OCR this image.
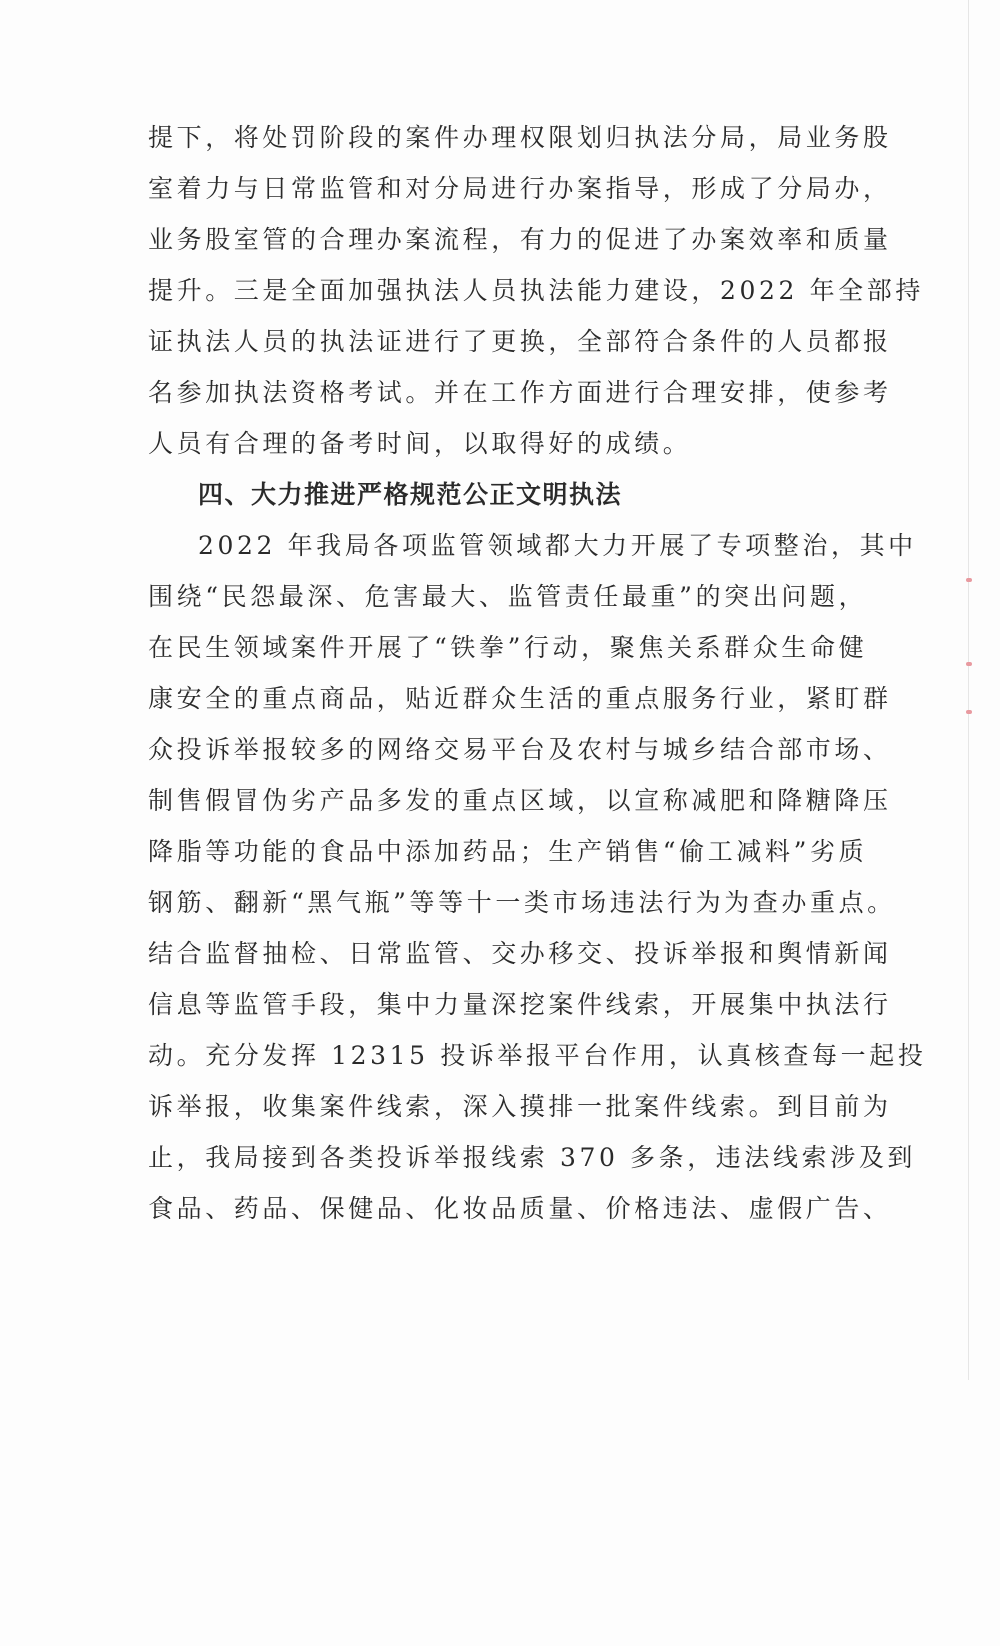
提下，将处罚阶段的案件办理权限划归执法分局，局业务股
室着力与日常监管和对分局进行办案指导，形成了分局办，
业务股室管的合理办案流程，有力的促进了办案效率和质量
提升。三是全面加强执法人员执法能力建设，2022 年全部持
证执法人员的执法证进行了更换，全部符合条件的人员都报
名参加执法资格考试。并在工作方面进行合理安排，使参考
人员有合理的备考时间，以取得好的成绩。
四、大力推进严格规范公正文明执法
2022 年我局各项监管领域都大力开展了专项整治，其中
围绕“民怨最深、危害最大、监管责任最重”的突出问题，
在民生领域案件开展了“铁拳”行动，聚焦关系群众生命健
康安全的重点商品，贴近群众生活的重点服务行业，紧盯群
众投诉举报较多的网络交易平台及农村与城乡结合部市场、
制售假冒伪劣产品多发的重点区域，以宣称减肥和降糖降压
降脂等功能的食品中添加药品；生产销售“偷工减料”劣质
钢筋、翻新“黑气瓶”等等十一类市场违法行为为查办重点。
结合监督抽检、日常监管、交办移交、投诉举报和舆情新闻
信息等监管手段，集中力量深挖案件线索，开展集中执法行
动。充分发挥 12315 投诉举报平台作用，认真核查每一起投
诉举报，收集案件线索，深入摸排一批案件线索。到目前为
止，我局接到各类投诉举报线索 370 多条，违法线索涉及到
食品、药品、保健品、化妆品质量、价格违法、虚假广告、
